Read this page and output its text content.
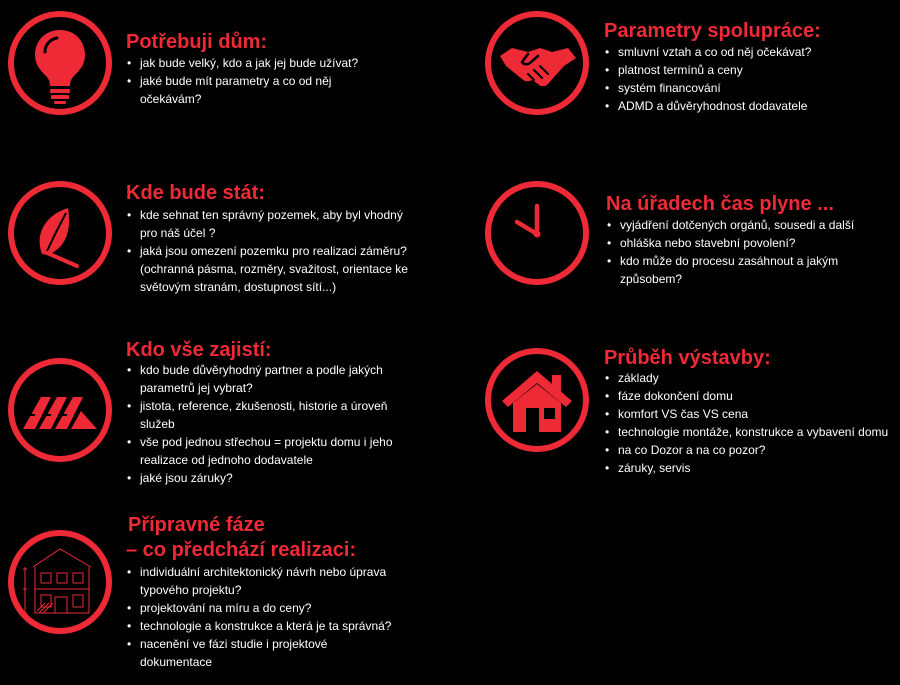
Potřebuji dům:
• jak bude velký, kdo a jak jej bude užívat?
• jaké bude mít parametry a co od něj očekávám?
Kde bude stát:
• kde sehnat ten správný pozemek, aby byl vhodný pro náš účel ?
• jaká jsou omezení pozemku pro realizaci záměru? (ochranná pásma, rozměry, svažitost, orientace ke světovým stranám, dostupnost sítí...)
Kdo vše zajistí:
• kdo bude důvěryhodný partner a podle jakých parametrů jej vybrat?
• jistota, reference, zkušenosti, historie a úroveň služeb
• vše pod jednou střechou = projektu domu i jeho realizace od jednoho dodavatele
• jaké jsou záruky?
Přípravné fáze
– co předchází realizaci:
• individuální architektonický návrh nebo úprava typového projektu?
• projektování na míru a do ceny?
• technologie a konstrukce a která je ta správná?
• nacenění ve fázi studie i projektové dokumentace
Parametry spolupráce:
• smluvní vztah a co od něj očekávat?
• platnost termínů a ceny
• systém financování
• ADMD a důvěryhodnost dodavatele
Na úřadech čas plyne ...
• vyjádření dotčených orgánů, sousedi a další
• ohláška nebo stavební povolení?
• kdo může do procesu zasáhnout a jakým způsobem?
Průběh výstavby:
• základy
• fáze dokončení domu
• komfort VS čas VS cena
• technologie montáže, konstrukce a vybavení domu
• na co Dozor a na co pozor?
• záruky, servis
